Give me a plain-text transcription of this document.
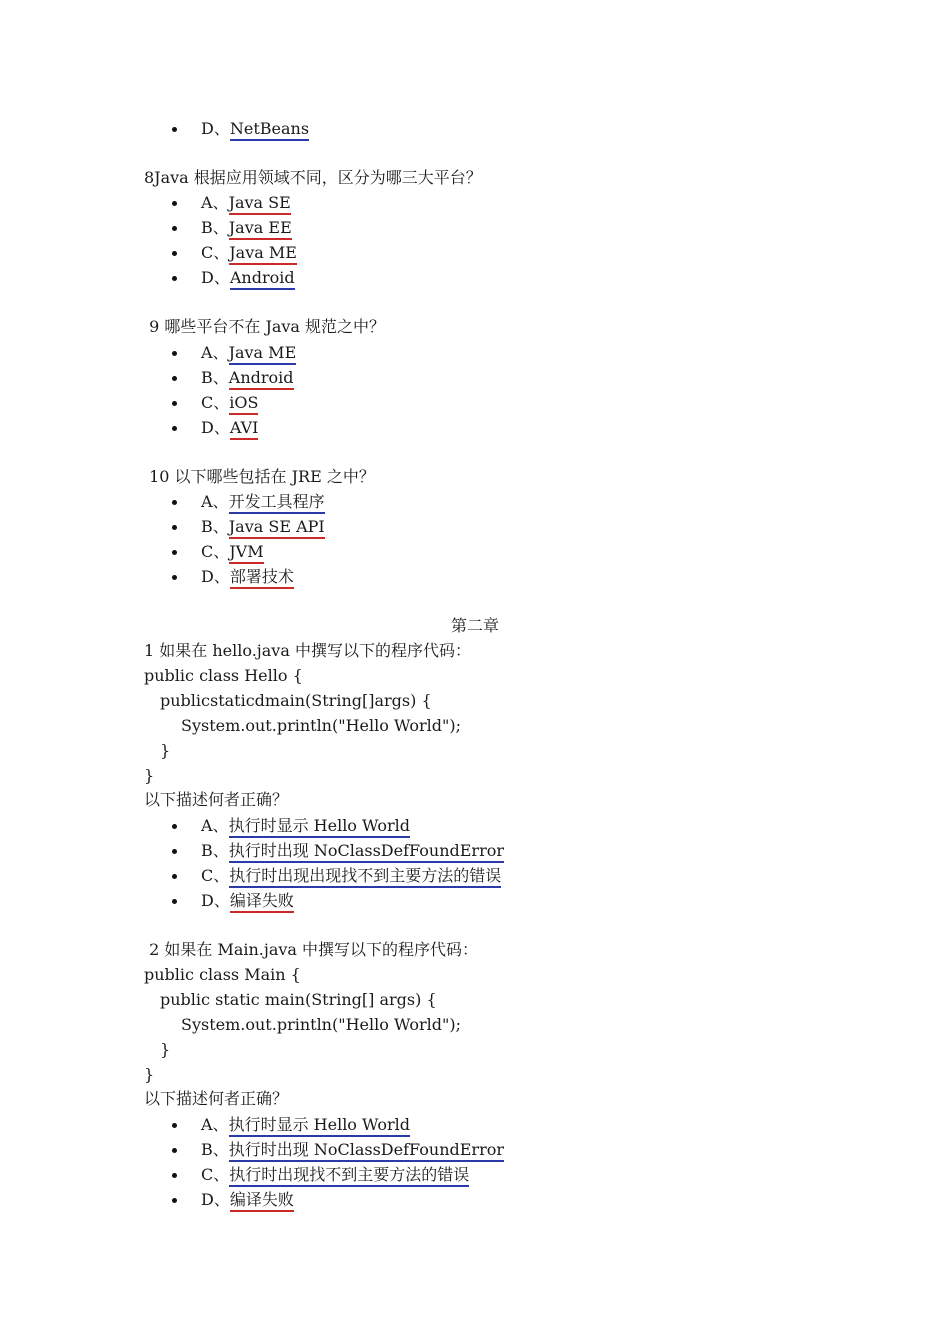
D、NetBeans
8Java 根据应用领域不同，区分为哪三大平台？
A、Java SE
B、Java EE
C、Java ME
D、Android
9 哪些平台不在 Java 规范之中？
A、Java ME
B、Android
C、iOS
D、AVI
10 以下哪些包括在 JRE 之中？
A、开发工具程序
B、Java SE API
C、JVM
D、部署技术
第二章
1 如果在 hello.java 中撰写以下的程序代码：
public class Hello {
publicstaticdmain(String[]args) {
System.out.println("Hello World");
}
}
以下描述何者正确？
A、执行时显示 Hello World
B、执行时出现 NoClassDefFoundError
C、执行时出现出现找不到主要方法的错误
D、编译失败
2 如果在 Main.java 中撰写以下的程序代码：
public class Main {
public static main(String[] args) {
System.out.println("Hello World");
}
}
以下描述何者正确？
A、执行时显示 Hello World
B、执行时出现 NoClassDefFoundError
C、执行时出现找不到主要方法的错误
D、编译失败
